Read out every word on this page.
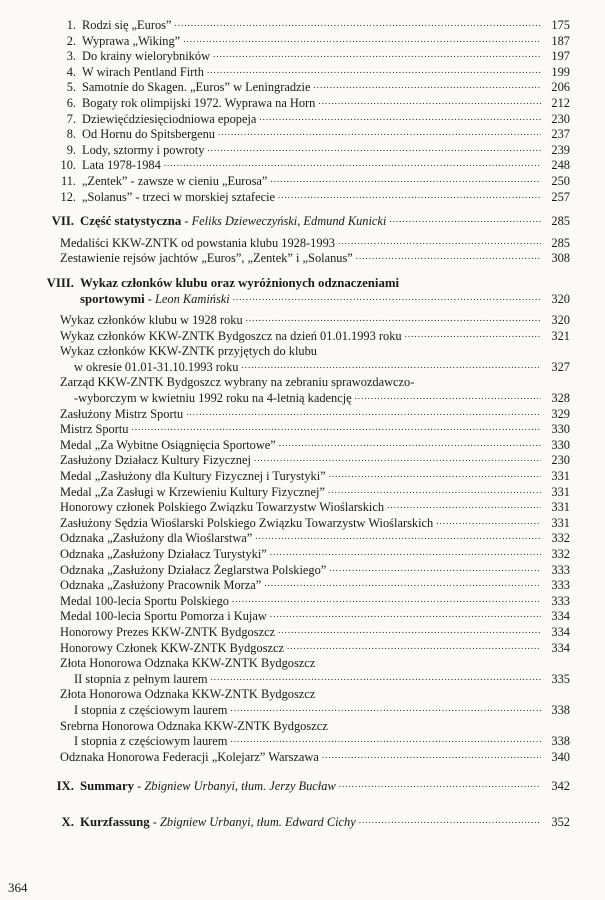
1. Rodzi się „Euros” .....	175
2. Wyprawa „Wiking” .....	187
3. Do krainy wielorybników .....	197
4. W wirach Pentland Firth .....	199
5. Samotnie do Skagen. „Euros” w Leningradzie .....	206
6. Bogaty rok olimpijski 1972. Wyprawa na Horn .....	212
7. Dziewięćdziesięciodniowa epopeja .....	230
8. Od Hornu do Spitsbergenu .....	237
9. Lody, sztormy i powroty .....	239
10. Lata 1978-1984 .....	248
11. „Zentek” - zawsze w cieniu „Eurosa” .....	250
12. „Solanus” - trzeci w morskiej sztafecie .....	257
VII. Część statystyczna - Feliks Dzieweczyński, Edmund Kunicki .....	285
Medaliści KKW-ZNTK od powstania klubu 1928-1993 .....	285
Zestawienie rejsów jachtów „Euros”, „Zentek” i „Solanus” .....	308
VIII. Wykaz członków klubu oraz wyróżnionych odznaczeniami
sportowymi - Leon Kamiński .....	320
Wykaz członków klubu w 1928 roku .....	320
Wykaz członków KKW-ZNTK Bydgoszcz na dzień 01.01.1993 roku .....	321
Wykaz członków KKW-ZNTK przyjętych do klubu
w okresie 01.01-31.10.1993 roku .....	327
Zarząd KKW-ZNTK Bydgoszcz wybrany na zebraniu sprawozdawczo-
-wyborczym w kwietniu 1992 roku na 4-letnią kadencję .....	328
Zasłużony Mistrz Sportu .....	329
Mistrz Sportu .....	330
Medal „Za Wybitne Osiągnięcia Sportowe” .....	330
Zasłużony Działacz Kultury Fizycznej .....	230
Medal „Zasłużony dla Kultury Fizycznej i Turystyki” .....	331
Medal „Za Zasługi w Krzewieniu Kultury Fizycznej” .....	331
Honorowy członek Polskiego Związku Towarzystw Wioślarskich .....	331
Zasłużony Sędzia Wioślarski Polskiego Związku Towarzystw Wioślarskich .....	331
Odznaka „Zasłużony dla Wioślarstwa” .....	332
Odznaka „Zasłużony Działacz Turystyki” .....	332
Odznaka „Zasłużony Działacz Żeglarstwa Polskiego” .....	333
Odznaka „Zasłużony Pracownik Morza” .....	333
Medal 100-lecia Sportu Polskiego .....	333
Medal 100-lecia Sportu Pomorza i Kujaw .....	334
Honorowy Prezes KKW-ZNTK Bydgoszcz .....	334
Honorowy Członek KKW-ZNTK Bydgoszcz .....	334
Złota Honorowa Odznaka KKW-ZNTK Bydgoszcz
II stopnia z pełnym laurem .....	335
Złota Honorowa Odznaka KKW-ZNTK Bydgoszcz
I stopnia z częściowym laurem .....	338
Srebrna Honorowa Odznaka KKW-ZNTK Bydgoszcz
I stopnia z częściowym laurem .....	338
Odznaka Honorowa Federacji „Kolejarz” Warszawa .....	340
IX. Summary - Zbigniew Urbanyi, tłum. Jerzy Bucław .....	342
X. Kurzfassung - Zbigniew Urbanyi, tłum. Edward Cichy .....	352
364
